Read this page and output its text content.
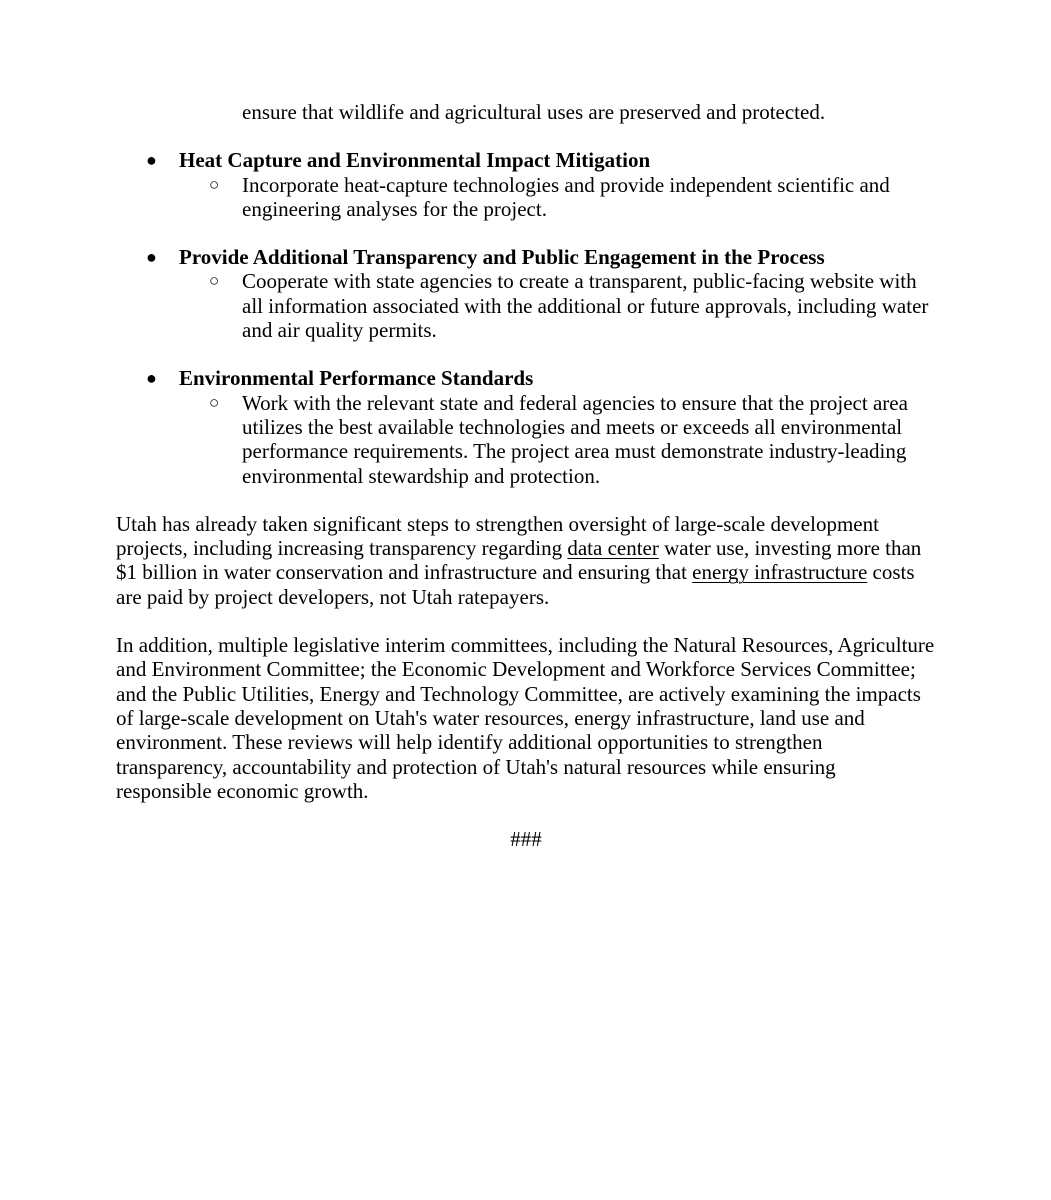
ensure that wildlife and agricultural uses are preserved and protected.

● Heat Capture and Environmental Impact Mitigation
○ Incorporate heat-capture technologies and provide independent scientific and engineering analyses for the project.
● Provide Additional Transparency and Public Engagement in the Process
○ Cooperate with state agencies to create a transparent, public-facing website with all information associated with the additional or future approvals, including water and air quality permits.
● Environmental Performance Standards
○ Work with the relevant state and federal agencies to ensure that the project area utilizes the best available technologies and meets or exceeds all environmental performance requirements. The project area must demonstrate industry-leading environmental stewardship and protection.

Utah has already taken significant steps to strengthen oversight of large-scale development projects, including increasing transparency regarding data center water use, investing more than $1 billion in water conservation and infrastructure and ensuring that energy infrastructure costs are paid by project developers, not Utah ratepayers.

In addition, multiple legislative interim committees, including the Natural Resources, Agriculture and Environment Committee; the Economic Development and Workforce Services Committee; and the Public Utilities, Energy and Technology Committee, are actively examining the impacts of large-scale development on Utah's water resources, energy infrastructure, land use and environment. These reviews will help identify additional opportunities to strengthen transparency, accountability and protection of Utah's natural resources while ensuring responsible economic growth.

###
